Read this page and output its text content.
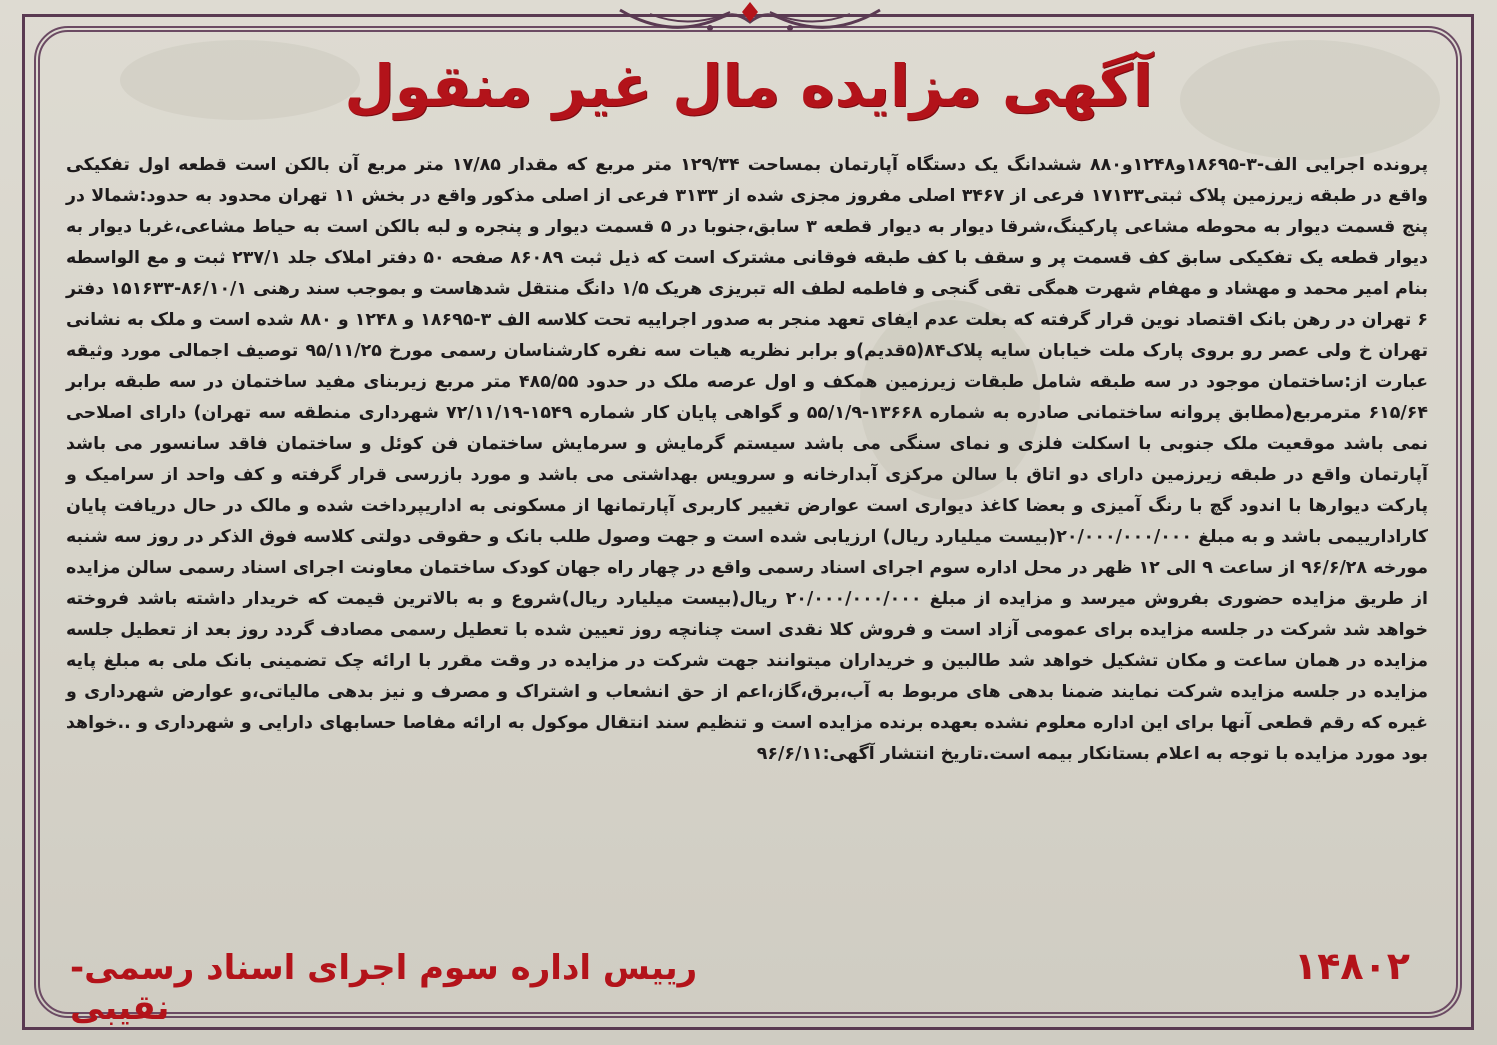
آگهی مزایده مال غیر منقول
پرونده اجرایی الف-۳-۱۸۶۹۵و۱۲۴۸و۸۸۰ ششدانگ یک دستگاه آپارتمان بمساحت ۱۲۹/۳۴ متر مربع که مقدار ۱۷/۸۵ متر مربع آن بالکن است قطعه اول تفکیکی واقع در طبقه زیرزمین پلاک ثبتی۱۷۱۳۳ فرعی از ۳۴۶۷ اصلی مفروز مجزی شده از ۳۱۳۳ فرعی از اصلی مذکور واقع در بخش ۱۱ تهران محدود به حدود:شمالا در پنج قسمت دیوار به محوطه مشاعی پارکینگ،شرقا دیوار به دیوار قطعه ۳ سابق،جنوبا در ۵ قسمت دیوار و پنجره و لبه بالکن است به حیاط مشاعی،غربا دیوار به دیوار قطعه یک تفکیکی سابق کف قسمت پر و سقف با کف طبقه فوقانی مشترک است که ذیل ثبت ۸۶۰۸۹ صفحه ۵۰ دفتر املاک جلد ۲۳۷/۱ ثبت و مع الواسطه بنام امیر محمد و مهشاد و مهفام شهرت همگی تقی گنجی و فاطمه لطف اله تبریزی هریک ۱/۵ دانگ منتقل شدهاست و بموجب سند رهنی ۸۶/۱۰/۱-۱۵۱۶۳۳ دفتر ۶ تهران در رهن بانک اقتصاد نوین قرار گرفته که بعلت عدم ایفای تعهد منجر به صدور اجراییه تحت کلاسه الف ۳-۱۸۶۹۵ و ۱۲۴۸ و ۸۸۰ شده است و ملک به نشانی تهران خ ولی عصر رو بروی پارک ملت خیابان سایه پلاک۸۴(۵قدیم)و برابر نظریه هیات سه نفره کارشناسان رسمی مورخ ۹۵/۱۱/۲۵ توصیف اجمالی مورد وثیقه عبارت از:ساختمان موجود در سه طبقه شامل طبقات زیرزمین همکف و اول عرصه ملک در حدود ۴۸۵/۵۵ متر مربع زیربنای مفید ساختمان در سه طبقه برابر ۶۱۵/۶۴ مترمربع(مطابق پروانه ساختمانی صادره به شماره ۱۳۶۶۸-۵۵/۱/۹ و گواهی پایان کار شماره ۱۵۴۹-۷۲/۱۱/۱۹ شهرداری منطقه سه تهران) دارای اصلاحی نمی باشد موقعیت ملک جنوبی با اسکلت فلزی و نمای سنگی می باشد سیستم گرمایش و سرمایش ساختمان فن کوئل و ساختمان فاقد سانسور می باشد آپارتمان واقع در طبقه زیرزمین دارای دو اتاق با سالن مرکزی آبدارخانه و سرویس بهداشتی می باشد و مورد بازرسی قرار گرفته و کف واحد از سرامیک و پارکت دیوارها با اندود گچ با رنگ آمیزی و بعضا کاغذ دیواری است عوارض تغییر کاربری آپارتمانها از مسکونی به اداریپرداخت شده و مالک در حال دریافت پایان کارادارییمی باشد و به مبلغ ۲۰/۰۰۰/۰۰۰/۰۰۰(بیست میلیارد ریال) ارزیابی شده است و جهت وصول طلب بانک و حقوقی دولتی کلاسه فوق الذکر در روز سه شنبه مورخه ۹۶/۶/۲۸ از ساعت ۹ الی ۱۲ ظهر در محل اداره سوم اجرای اسناد رسمی واقع در چهار راه جهان کودک ساختمان معاونت اجرای اسناد رسمی سالن مزایده از طریق مزایده حضوری بفروش میرسد و مزایده از مبلغ ۲۰/۰۰۰/۰۰۰/۰۰۰ ریال(بیست میلیارد ریال)شروع و به بالاترین قیمت که خریدار داشته باشد فروخته خواهد شد شرکت در جلسه مزایده برای عمومی آزاد است و فروش کلا نقدی است چنانچه روز تعیین شده با تعطیل رسمی مصادف گردد روز بعد از تعطیل جلسه مزایده در همان ساعت و مکان تشکیل خواهد شد طالبین و خریداران میتوانند جهت شرکت در مزایده در وقت مقرر با ارائه چک تضمینی بانک ملی به مبلغ پایه مزایده در جلسه مزایده شرکت نمایند ضمنا بدهی های مربوط به آب،برق،گاز،اعم از حق انشعاب و اشتراک و مصرف و نیز بدهی مالیاتی،و عوارض شهرداری و غیره که رقم قطعی آنها برای این اداره معلوم نشده بعهده برنده مزایده است و تنظیم سند انتقال موکول به ارائه مفاصا حسابهای دارایی و شهرداری و ..خواهد بود مورد مزایده با توجه به اعلام بستانکار بیمه است.تاریخ انتشار آگهی:۹۶/۶/۱۱
رییس اداره سوم اجرای اسناد رسمی-نقیبی
۱۴۸۰۲
